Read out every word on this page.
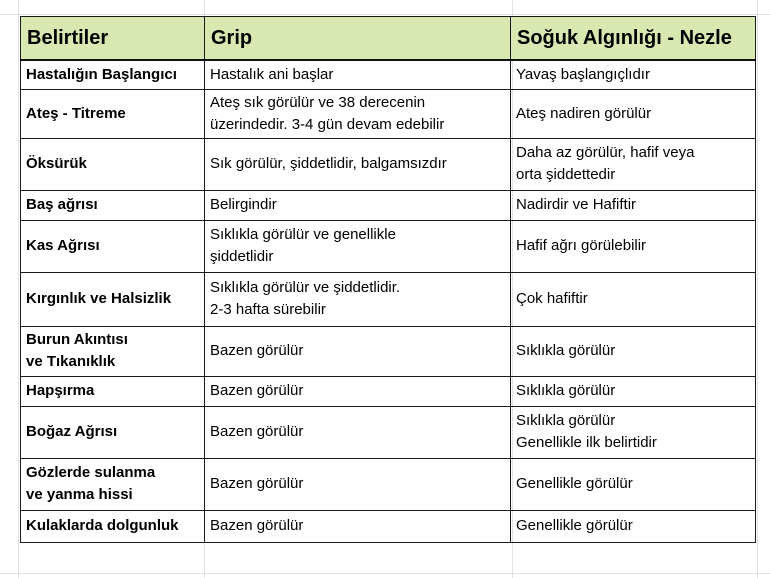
Belirtiler	Grip	Soğuk Algınlığı - Nezle

Hastalığın Başlangıcı	Hastalık ani başlar	Yavaş başlangıçlıdır

Ateş - Titreme	Ateş sık görülür ve 38 derecenin
üzerindedir. 3-4 gün devam edebilir	Ateş nadiren görülür

Öksürük	Sık görülür, şiddetlidir, balgamsızdır	Daha az görülür, hafif veya
orta şiddettedir

Baş ağrısı	Belirgindir	Nadirdir ve Hafiftir

Kas Ağrısı	Sıklıkla görülür ve genellikle
şiddetlidir	Hafif ağrı görülebilir

Kırgınlık ve Halsizlik	Sıklıkla görülür ve şiddetlidir.
2-3 hafta sürebilir	Çok hafiftir

Burun Akıntısı
ve Tıkanıklık	Bazen görülür	Sıklıkla görülür

Hapşırma	Bazen görülür	Sıklıkla görülür

Boğaz Ağrısı	Bazen görülür	Sıklıkla görülür
Genellikle ilk belirtidir

Gözlerde sulanma
ve yanma hissi	Bazen görülür	Genellikle görülür

Kulaklarda dolgunluk	Bazen görülür	Genellikle görülür
